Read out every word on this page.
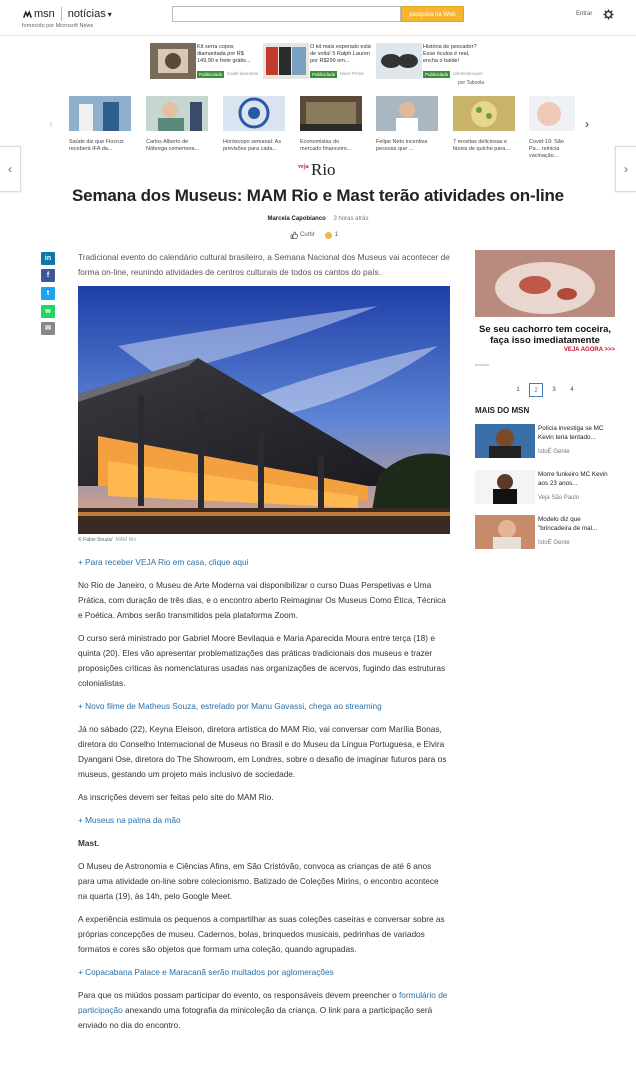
msn notícias ▾
fornecido por Microsoft News
pesquisa na Web	Entrar
Kit serra copos diamantada por R$ 149,90 e frete grátis...
Publicidade	Sodal diamante
O kit mais esperado está de volta! 5 Ralph Lauren por R$299 em...
Publicidade	Mass Prime
História de pescador? Esse óculos é real, encha o balde!
Publicidade	oferteclemoper
por Taboola
‹	›
Saúde diz que Fiocruz receberá IFA da...
Carlos Alberto de Nóbrega comemora...
Horóscopo semanal: As previsões para cada...
Economistas do mercado financeiro...
Felipe Neto incentiva pessoas que ...
7 receitas deliciosas e fáceis de quiche para...
Covid-19: São Pa... reinicia vacinação...
‹	›
veja Rio
Semana dos Museus: MAM Rio e Mast terão atividades on-line
Marcela Capobianco 3 horas atrás
Curtir	1
in
f
t
w
✉

Tradicional evento do calendário cultural brasileiro, a Semana Nacional dos Museus vai acontecer de forma on-line, reunindo atividades de centros culturais de todos os cantos do país.

© Fabio Souza/ MAM Rio

+ Para receber VEJA Rio em casa, clique aqui

No Rio de Janeiro, o Museu de Arte Moderna vai disponibilizar o curso Duas Perspetivas e Uma Prática, com duração de três dias, e o encontro aberto Reimaginar Os Museus Como Ética, Técnica e Poética. Ambos serão transmitidos pela plataforma Zoom.

O curso será ministrado por Gabriel Moore Bevilaqua e Maria Aparecida Moura entre terça (18) e quinta (20). Eles vão apresentar problematizações das práticas tradicionais dos museus e trazer proposições críticas às nomenclaturas usadas nas organizações de acervos, fugindo das estruturas colonialistas.

+ Novo filme de Matheus Souza, estrelado por Manu Gavassi, chega ao streaming

Já no sábado (22), Keyna Eleison, diretora artística do MAM Rio, vai conversar com Marília Bonas, diretora do Conselho Internacional de Museus no Brasil e do Museu da Língua Portuguesa, e Elvira Dyangani Ose, diretora do The Showroom, em Londres, sobre o desafio de imaginar futuros para os museus, gestando um projeto mais inclusivo de sociedade.

As inscrições devem ser feitas pelo site do MAM Rio.

+ Museus na palma da mão

Mast.

O Museu de Astronomia e Ciências Afins, em São Cristóvão, convoca as crianças de até 6 anos para uma atividade on-line sobre colecionismo. Batizado de Coleções Mirins, o encontro acontece na quarta (19), às 14h, pelo Google Meet.

A experiência estimula os pequenos a compartilhar as suas coleções caseiras e conversar sobre as próprias concepções de museu. Cadernos, bolas, brinquedos musicais, pedrinhas de variados formatos e cores são objetos que formam uma coleção, quando agrupadas.

+ Copacabana Palace e Maracanã serão multados por aglomerações

Para que os miúdos possam participar do evento, os responsáveis devem preencher o formulário de participação anexando uma fotografia da minicoleção da criança. O link para a participação será enviado no dia do encontro.

Se seu cachorro tem coceira, faça isso imediatamente
VEJA AGORA >>>
anúncio
1	2	3	4
MAIS DO MSN
Polícia investiga se MC Kevin teria tentado...
IstoÉ Gente
Morre funkeiro MC Kevin aos 23 anos...
Veja São Paulo
Modelo diz que "brincadeira de mal...
IstoÉ Gente
